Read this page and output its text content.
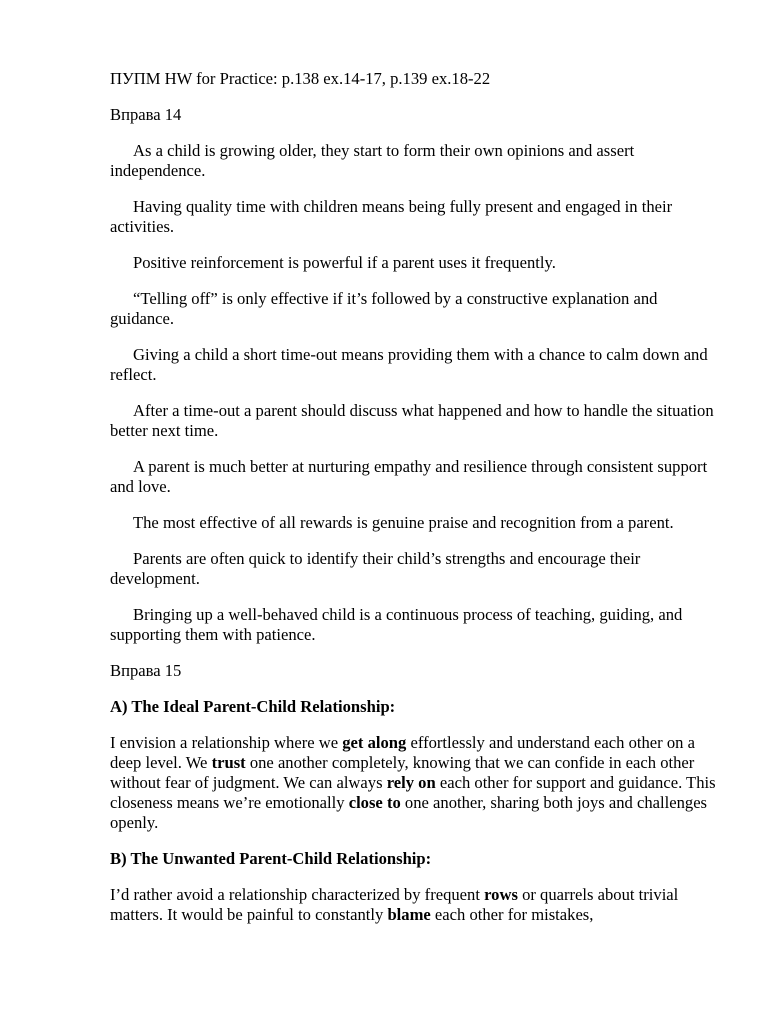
ПУПМ HW for Practice: p.138 ex.14-17, p.139 ex.18-22

Вправа 14

As a child is growing older, they start to form their own opinions and assert independence.

Having quality time with children means being fully present and engaged in their activities.

Positive reinforcement is powerful if a parent uses it frequently.

“Telling off” is only effective if it’s followed by a constructive explanation and guidance.

Giving a child a short time-out means providing them with a chance to calm down and reflect.

After a time-out a parent should discuss what happened and how to handle the situation better next time.

A parent is much better at nurturing empathy and resilience through consistent support and love.

The most effective of all rewards is genuine praise and recognition from a parent.

Parents are often quick to identify their child’s strengths and encourage their development.

Bringing up a well-behaved child is a continuous process of teaching, guiding, and supporting them with patience.

Вправа 15

A) The Ideal Parent-Child Relationship:

I envision a relationship where we get along effortlessly and understand each other on a deep level. We trust one another completely, knowing that we can confide in each other without fear of judgment. We can always rely on each other for support and guidance. This closeness means we’re emotionally close to one another, sharing both joys and challenges openly.

B) The Unwanted Parent-Child Relationship:

I’d rather avoid a relationship characterized by frequent rows or quarrels about trivial matters. It would be painful to constantly blame each other for mistakes,
